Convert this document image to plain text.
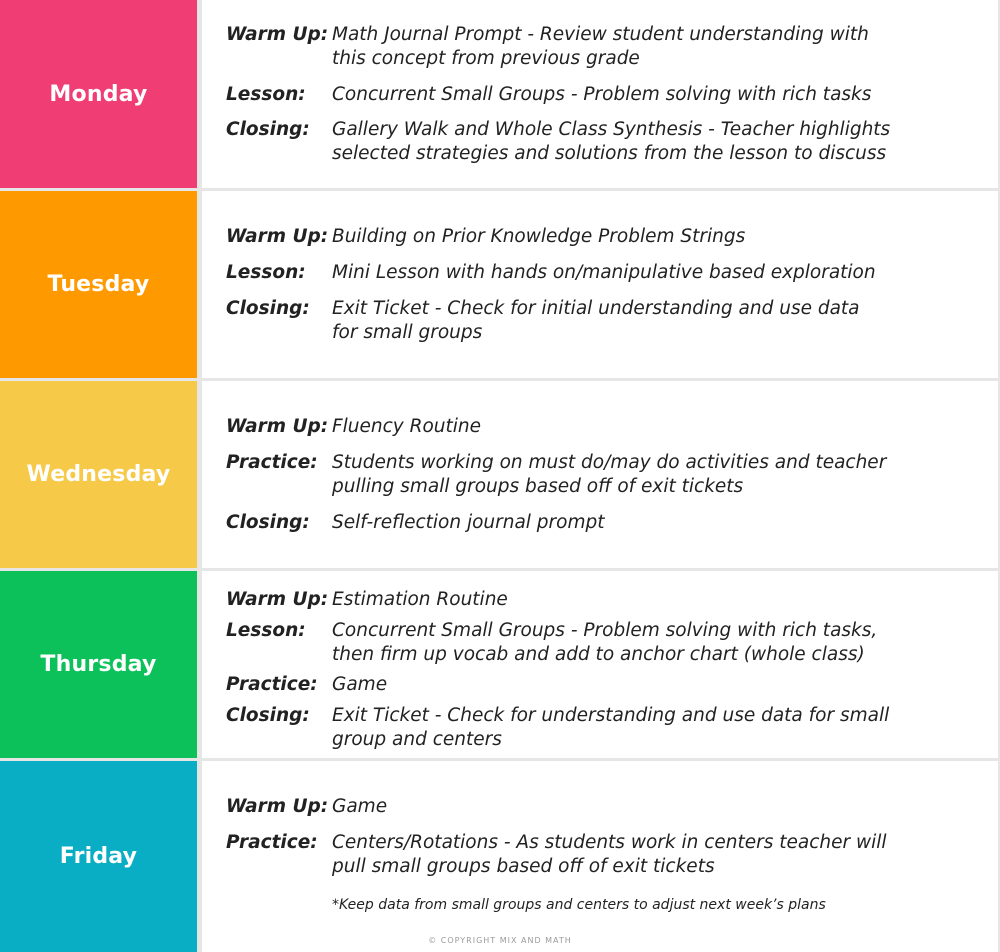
Monday
Warm Up: Math Journal Prompt - Review student understanding with
this concept from previous grade
Lesson: Concurrent Small Groups - Problem solving with rich tasks
Closing: Gallery Walk and Whole Class Synthesis - Teacher highlights
selected strategies and solutions from the lesson to discuss
Tuesday
Warm Up: Building on Prior Knowledge Problem Strings
Lesson: Mini Lesson with hands on/manipulative based exploration
Closing: Exit Ticket - Check for initial understanding and use data
for small groups
Wednesday
Warm Up: Fluency Routine
Practice: Students working on must do/may do activities and teacher
pulling small groups based off of exit tickets
Closing: Self-reflection journal prompt
Thursday
Warm Up: Estimation Routine
Lesson: Concurrent Small Groups - Problem solving with rich tasks,
then firm up vocab and add to anchor chart (whole class)
Practice: Game
Closing: Exit Ticket - Check for understanding and use data for small
group and centers
Friday
Warm Up: Game
Practice: Centers/Rotations - As students work in centers teacher will
pull small groups based off of exit tickets
*Keep data from small groups and centers to adjust next week’s plans
© COPYRIGHT MIX AND MATH
